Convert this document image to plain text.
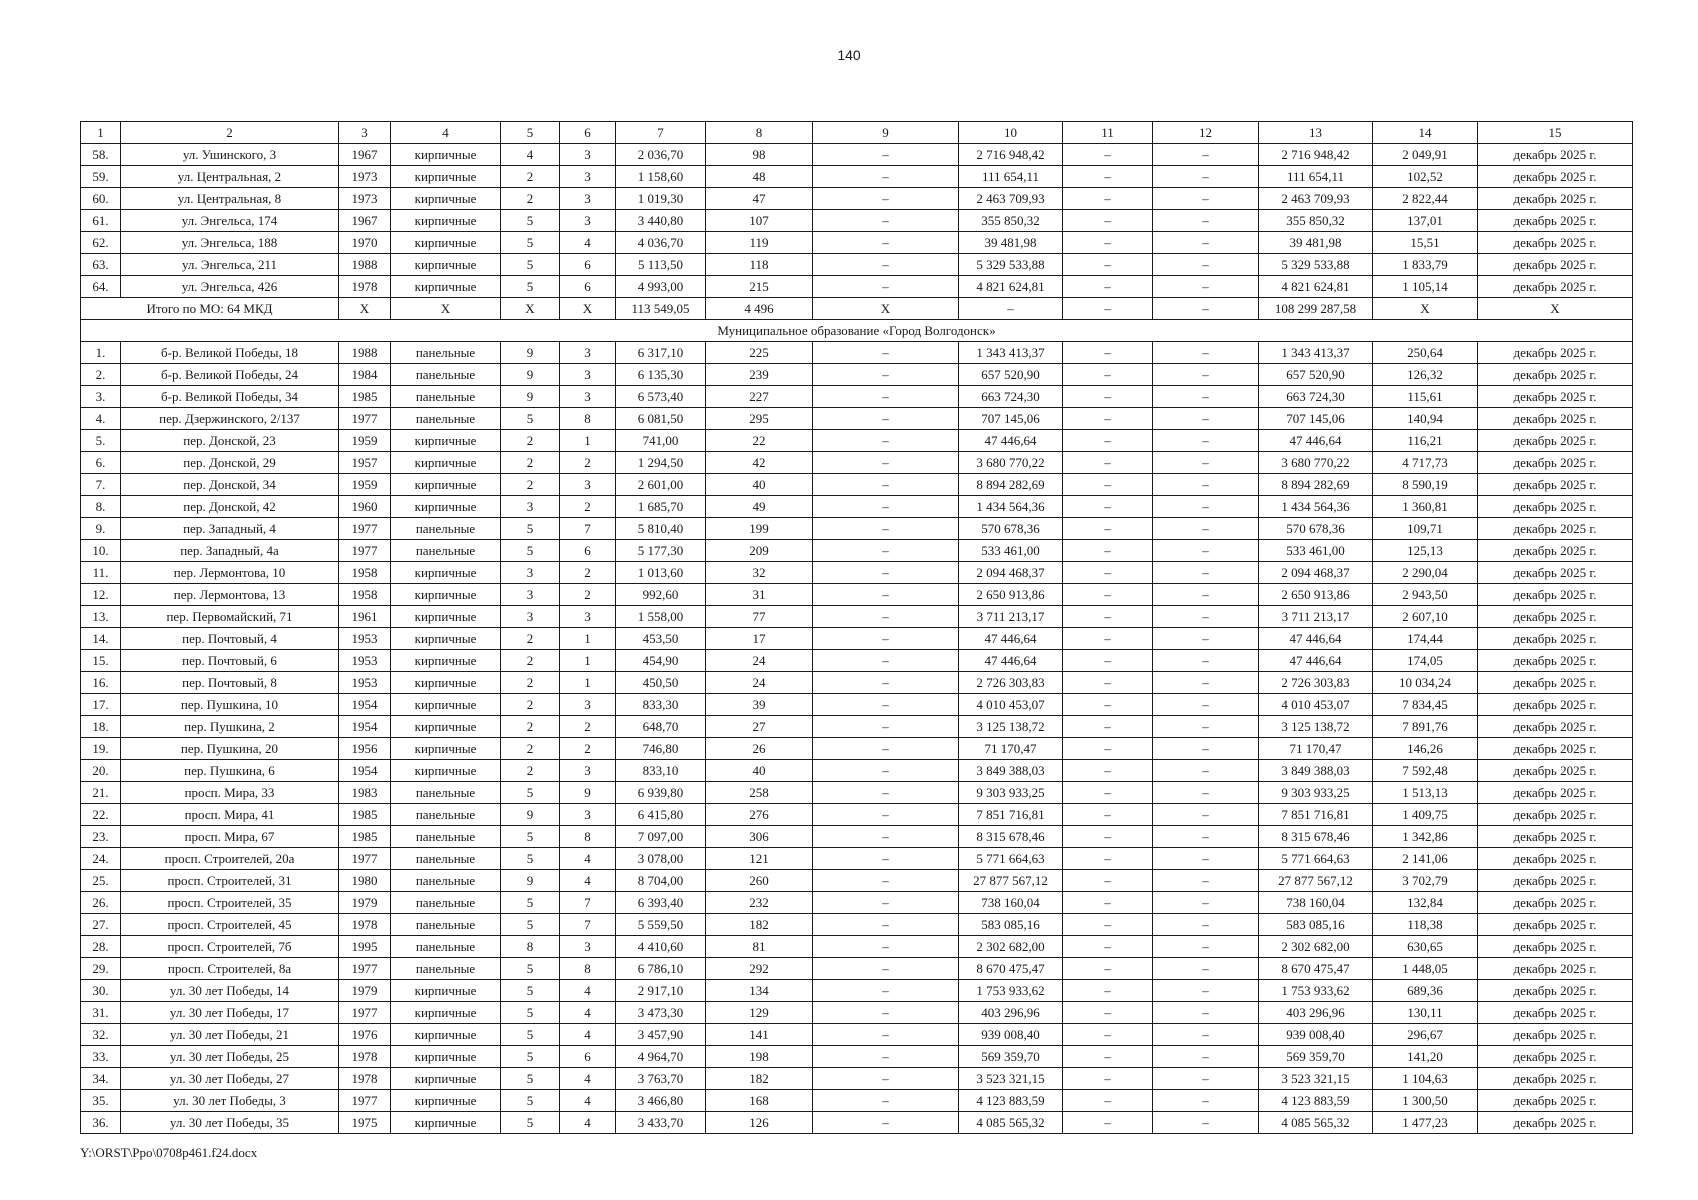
140
1	2	3	4	5	6	7	8	9	10	11	12	13	14	15
58.	ул. Ушинского, 3	1967	кирпичные	4	3	2 036,70	98	–	2 716 948,42	–	–	2 716 948,42	2 049,91	декабрь 2025 г.
59.	ул. Центральная, 2	1973	кирпичные	2	3	1 158,60	48	–	111 654,11	–	–	111 654,11	102,52	декабрь 2025 г.
60.	ул. Центральная, 8	1973	кирпичные	2	3	1 019,30	47	–	2 463 709,93	–	–	2 463 709,93	2 822,44	декабрь 2025 г.
61.	ул. Энгельса, 174	1967	кирпичные	5	3	3 440,80	107	–	355 850,32	–	–	355 850,32	137,01	декабрь 2025 г.
62.	ул. Энгельса, 188	1970	кирпичные	5	4	4 036,70	119	–	39 481,98	–	–	39 481,98	15,51	декабрь 2025 г.
63.	ул. Энгельса, 211	1988	кирпичные	5	6	5 113,50	118	–	5 329 533,88	–	–	5 329 533,88	1 833,79	декабрь 2025 г.
64.	ул. Энгельса, 426	1978	кирпичные	5	6	4 993,00	215	–	4 821 624,81	–	–	4 821 624,81	1 105,14	декабрь 2025 г.
Итого по МО: 64 МКД		X	X	X	X	113 549,05	4 496	X	–	–	–	108 299 287,58	X	X
Муниципальное образование «Город Волгодонск»														
1.	б-р. Великой Победы, 18	1988	панельные	9	3	6 317,10	225	–	1 343 413,37	–	–	1 343 413,37	250,64	декабрь 2025 г.
2.	б-р. Великой Победы, 24	1984	панельные	9	3	6 135,30	239	–	657 520,90	–	–	657 520,90	126,32	декабрь 2025 г.
3.	б-р. Великой Победы, 34	1985	панельные	9	3	6 573,40	227	–	663 724,30	–	–	663 724,30	115,61	декабрь 2025 г.
4.	пер. Дзержинского, 2/137	1977	панельные	5	8	6 081,50	295	–	707 145,06	–	–	707 145,06	140,94	декабрь 2025 г.
5.	пер. Донской, 23	1959	кирпичные	2	1	741,00	22	–	47 446,64	–	–	47 446,64	116,21	декабрь 2025 г.
6.	пер. Донской, 29	1957	кирпичные	2	2	1 294,50	42	–	3 680 770,22	–	–	3 680 770,22	4 717,73	декабрь 2025 г.
7.	пер. Донской, 34	1959	кирпичные	2	3	2 601,00	40	–	8 894 282,69	–	–	8 894 282,69	8 590,19	декабрь 2025 г.
8.	пер. Донской, 42	1960	кирпичные	3	2	1 685,70	49	–	1 434 564,36	–	–	1 434 564,36	1 360,81	декабрь 2025 г.
9.	пер. Западный, 4	1977	панельные	5	7	5 810,40	199	–	570 678,36	–	–	570 678,36	109,71	декабрь 2025 г.
10.	пер. Западный, 4а	1977	панельные	5	6	5 177,30	209	–	533 461,00	–	–	533 461,00	125,13	декабрь 2025 г.
11.	пер. Лермонтова, 10	1958	кирпичные	3	2	1 013,60	32	–	2 094 468,37	–	–	2 094 468,37	2 290,04	декабрь 2025 г.
12.	пер. Лермонтова, 13	1958	кирпичные	3	2	992,60	31	–	2 650 913,86	–	–	2 650 913,86	2 943,50	декабрь 2025 г.
13.	пер. Первомайский, 71	1961	кирпичные	3	3	1 558,00	77	–	3 711 213,17	–	–	3 711 213,17	2 607,10	декабрь 2025 г.
14.	пер. Почтовый, 4	1953	кирпичные	2	1	453,50	17	–	47 446,64	–	–	47 446,64	174,44	декабрь 2025 г.
15.	пер. Почтовый, 6	1953	кирпичные	2	1	454,90	24	–	47 446,64	–	–	47 446,64	174,05	декабрь 2025 г.
16.	пер. Почтовый, 8	1953	кирпичные	2	1	450,50	24	–	2 726 303,83	–	–	2 726 303,83	10 034,24	декабрь 2025 г.
17.	пер. Пушкина, 10	1954	кирпичные	2	3	833,30	39	–	4 010 453,07	–	–	4 010 453,07	7 834,45	декабрь 2025 г.
18.	пер. Пушкина, 2	1954	кирпичные	2	2	648,70	27	–	3 125 138,72	–	–	3 125 138,72	7 891,76	декабрь 2025 г.
19.	пер. Пушкина, 20	1956	кирпичные	2	2	746,80	26	–	71 170,47	–	–	71 170,47	146,26	декабрь 2025 г.
20.	пер. Пушкина, 6	1954	кирпичные	2	3	833,10	40	–	3 849 388,03	–	–	3 849 388,03	7 592,48	декабрь 2025 г.
21.	просп. Мира, 33	1983	панельные	5	9	6 939,80	258	–	9 303 933,25	–	–	9 303 933,25	1 513,13	декабрь 2025 г.
22.	просп. Мира, 41	1985	панельные	9	3	6 415,80	276	–	7 851 716,81	–	–	7 851 716,81	1 409,75	декабрь 2025 г.
23.	просп. Мира, 67	1985	панельные	5	8	7 097,00	306	–	8 315 678,46	–	–	8 315 678,46	1 342,86	декабрь 2025 г.
24.	просп. Строителей, 20а	1977	панельные	5	4	3 078,00	121	–	5 771 664,63	–	–	5 771 664,63	2 141,06	декабрь 2025 г.
25.	просп. Строителей, 31	1980	панельные	9	4	8 704,00	260	–	27 877 567,12	–	–	27 877 567,12	3 702,79	декабрь 2025 г.
26.	просп. Строителей, 35	1979	панельные	5	7	6 393,40	232	–	738 160,04	–	–	738 160,04	132,84	декабрь 2025 г.
27.	просп. Строителей, 45	1978	панельные	5	7	5 559,50	182	–	583 085,16	–	–	583 085,16	118,38	декабрь 2025 г.
28.	просп. Строителей, 7б	1995	панельные	8	3	4 410,60	81	–	2 302 682,00	–	–	2 302 682,00	630,65	декабрь 2025 г.
29.	просп. Строителей, 8а	1977	панельные	5	8	6 786,10	292	–	8 670 475,47	–	–	8 670 475,47	1 448,05	декабрь 2025 г.
30.	ул. 30 лет Победы, 14	1979	кирпичные	5	4	2 917,10	134	–	1 753 933,62	–	–	1 753 933,62	689,36	декабрь 2025 г.
31.	ул. 30 лет Победы, 17	1977	кирпичные	5	4	3 473,30	129	–	403 296,96	–	–	403 296,96	130,11	декабрь 2025 г.
32.	ул. 30 лет Победы, 21	1976	кирпичные	5	4	3 457,90	141	–	939 008,40	–	–	939 008,40	296,67	декабрь 2025 г.
33.	ул. 30 лет Победы, 25	1978	кирпичные	5	6	4 964,70	198	–	569 359,70	–	–	569 359,70	141,20	декабрь 2025 г.
34.	ул. 30 лет Победы, 27	1978	кирпичные	5	4	3 763,70	182	–	3 523 321,15	–	–	3 523 321,15	1 104,63	декабрь 2025 г.
35.	ул. 30 лет Победы, 3	1977	кирпичные	5	4	3 466,80	168	–	4 123 883,59	–	–	4 123 883,59	1 300,50	декабрь 2025 г.
36.	ул. 30 лет Победы, 35	1975	кирпичные	5	4	3 433,70	126	–	4 085 565,32	–	–	4 085 565,32	1 477,23	декабрь 2025 г.
Y:\ORST\Ppo\0708p461.f24.docx
